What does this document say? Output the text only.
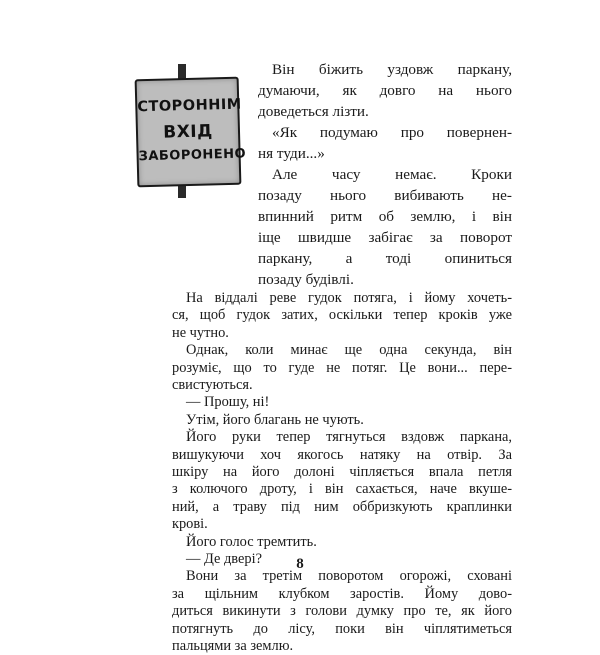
СТОРОННІМ
ВХІД
ЗАБОРОНЕНО
Він біжить уздовж паркану,
думаючи, як довго на нього
доведеться лізти.
«Як подумаю про повернен-
ня туди...»
Але часу немає. Кроки
позаду нього вибивають не-
впинний ритм об землю, і він
іще швидше забігає за поворот
паркану, а тоді опиниться
позаду будівлі.
На віддалі реве гудок потяга, і йому хочеть-
ся, щоб гудок затих, оскільки тепер кроків уже
не чутно.
Однак, коли минає ще одна секунда, він
розуміє, що то гуде не потяг. Це вони... пере-
свистуються.
— Прошу, ні!
Утім, його благань не чують.
Його руки тепер тягнуться вздовж паркана,
вишукуючи хоч якогось натяку на отвір. За
шкіру на його долоні чіпляється впала петля
з колючого дроту, і він сахається, наче вкуше-
ний, а траву під ним оббризкують краплинки
крові.
Його голос тремтить.
— Де двері?
Вони за третім поворотом огорожі, сховані
за щільним клубком заростів. Йому дово-
диться викинути з голови думку про те, як його
потягнуть до лісу, поки він чіплятиметься
пальцями за землю.
8
